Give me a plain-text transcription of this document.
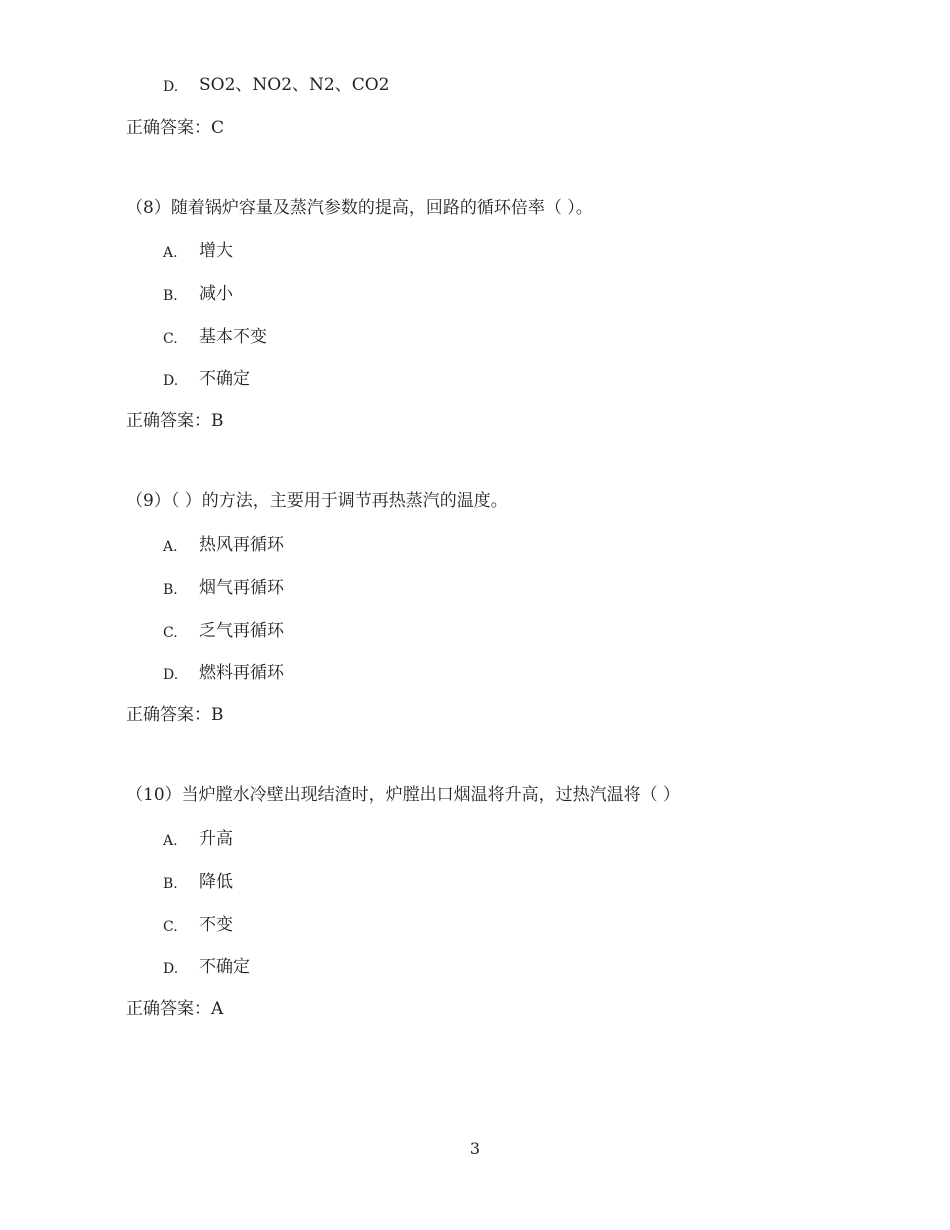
D. SO2、NO2、N2、CO2
正确答案：C
（8）随着锅炉容量及蒸汽参数的提高，回路的循环倍率（ ）。
A. 增大
B. 减小
C. 基本不变
D. 不确定
正确答案：B
（9）（ ）的方法，主要用于调节再热蒸汽的温度。
A. 热风再循环
B. 烟气再循环
C. 乏气再循环
D. 燃料再循环
正确答案：B
（10）当炉膛水冷壁出现结渣时，炉膛出口烟温将升高，过热汽温将（ ）
A. 升高
B. 降低
C. 不变
D. 不确定
正确答案：A
3
